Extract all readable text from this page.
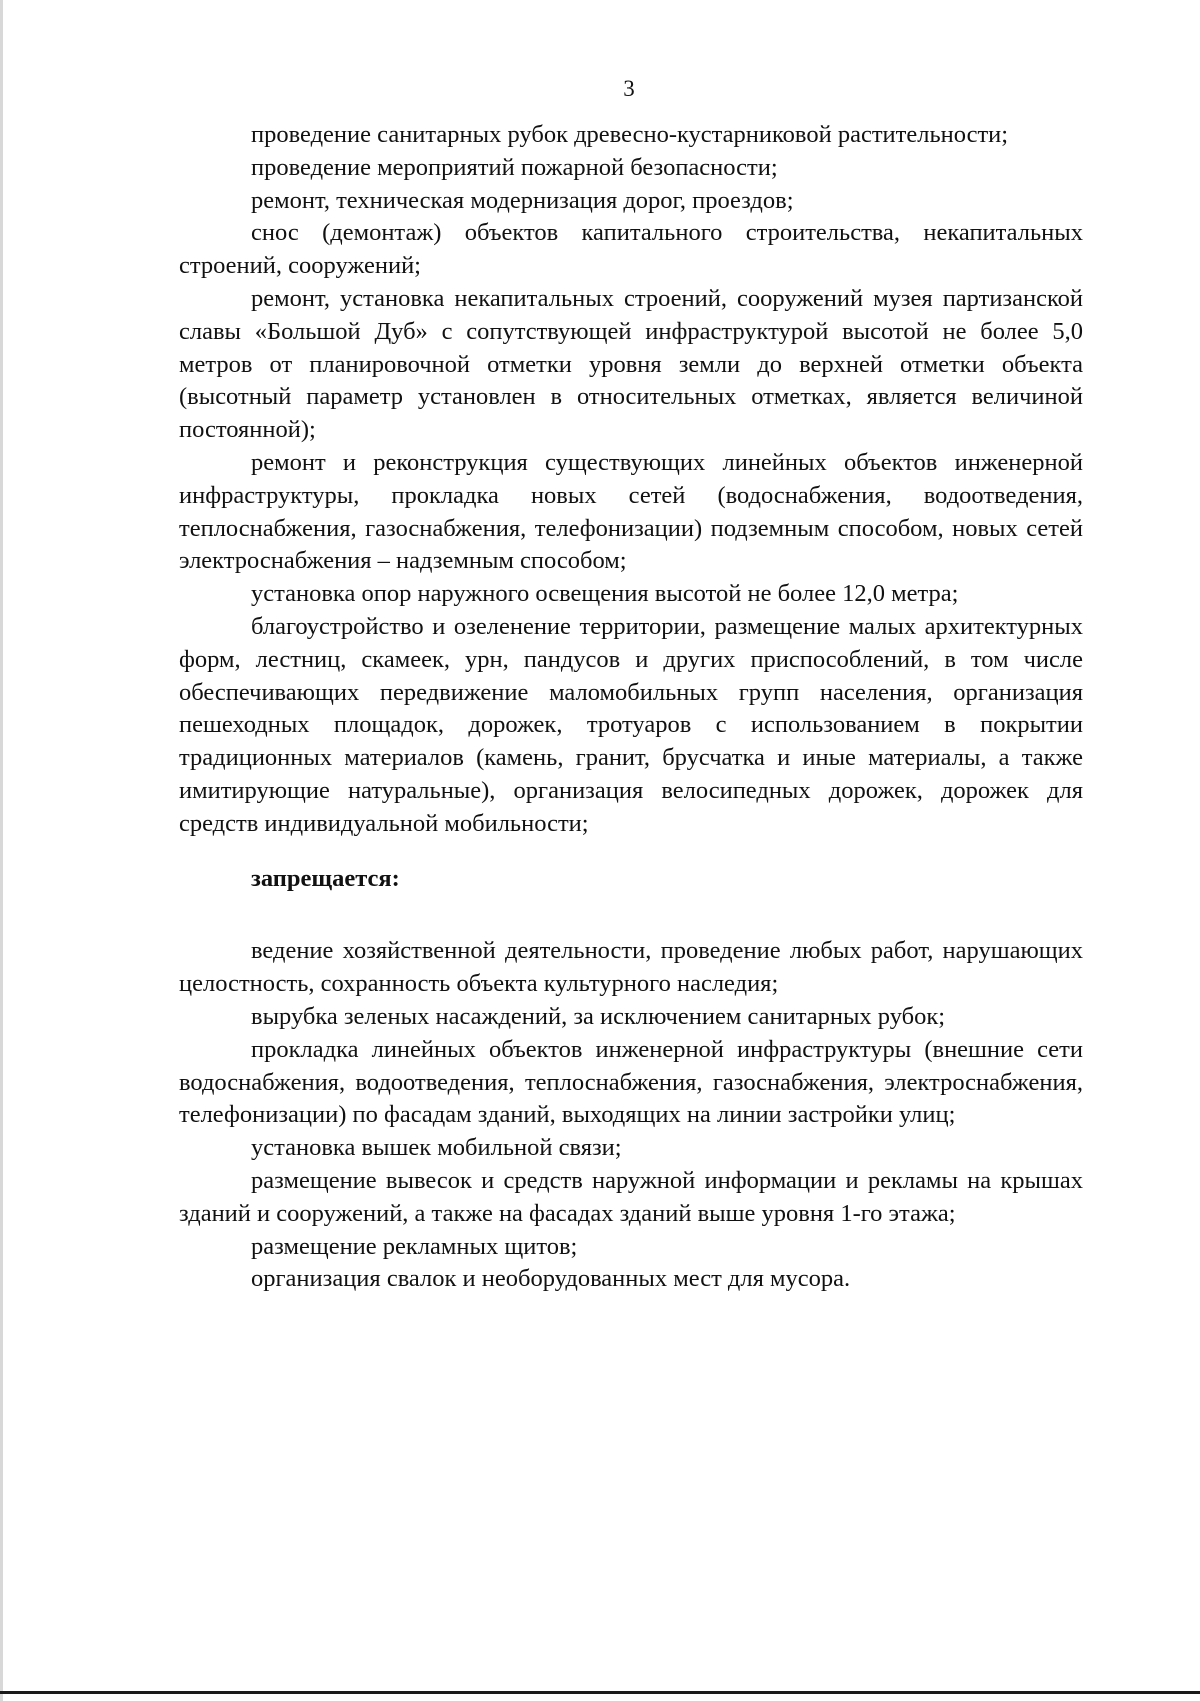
3

проведение санитарных рубок древесно-кустарниковой растительности;

проведение мероприятий пожарной безопасности;

ремонт, техническая модернизация дорог, проездов;

снос (демонтаж) объектов капитального строительства, некапитальных строений, сооружений;

ремонт, установка некапитальных строений, сооружений музея партизанской славы «Большой Дуб» с сопутствующей инфраструктурой высотой не более 5,0 метров от планировочной отметки уровня земли до верхней отметки объекта (высотный параметр установлен в относительных отметках, является величиной постоянной);

ремонт и реконструкция существующих линейных объектов инженерной инфраструктуры, прокладка новых сетей (водоснабжения, водоотведения, теплоснабжения, газоснабжения, телефонизации) подземным способом, новых сетей электроснабжения – надземным способом;

установка опор наружного освещения высотой не более 12,0 метра;

благоустройство и озеленение территории, размещение малых архитектурных форм, лестниц, скамеек, урн, пандусов и других приспособлений, в том числе обеспечивающих передвижение маломобильных групп населения, организация пешеходных площадок, дорожек, тротуаров с использованием в покрытии традиционных материалов (камень, гранит, брусчатка и иные материалы, а также имитирующие натуральные), организация велосипедных дорожек, дорожек для средств индивидуальной мобильности;

запрещается:

ведение хозяйственной деятельности, проведение любых работ, нарушающих целостность, сохранность объекта культурного наследия;

вырубка зеленых насаждений, за исключением санитарных рубок;

прокладка линейных объектов инженерной инфраструктуры (внешние сети водоснабжения, водоотведения, теплоснабжения, газоснабжения, электроснабжения, телефонизации) по фасадам зданий, выходящих на линии застройки улиц;

установка вышек мобильной связи;

размещение вывесок и средств наружной информации и рекламы на крышах зданий и сооружений, а также на фасадах зданий выше уровня 1-го этажа;

размещение рекламных щитов;

организация свалок и необорудованных мест для мусора.
